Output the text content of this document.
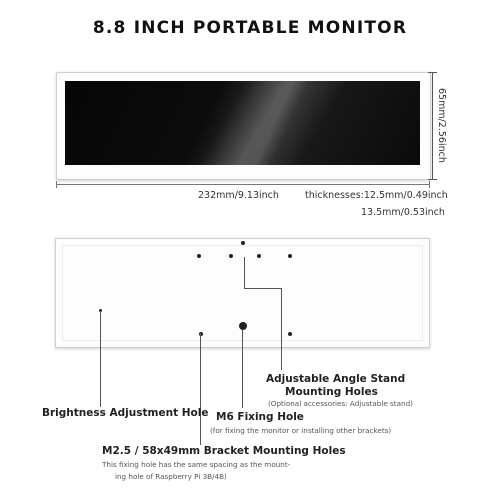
8.8 INCH PORTABLE MONITOR
65mm/2.56inch
232mm/9.13inch	thicknesses:12.5mm/0.49inch
13.5mm/0.53inch
Adjustable Angle Stand
Mounting Holes
(Optional accessories: Adjustable stand)
Brightness Adjustment Hole M6 Fixing Hole
(for fixing the monitor or installing other brackets)
M2.5 / 58x49mm Bracket Mounting Holes
This fixing hole has the same spacing as the mount-
ing hole of Raspberry Pi 3B/4B)
